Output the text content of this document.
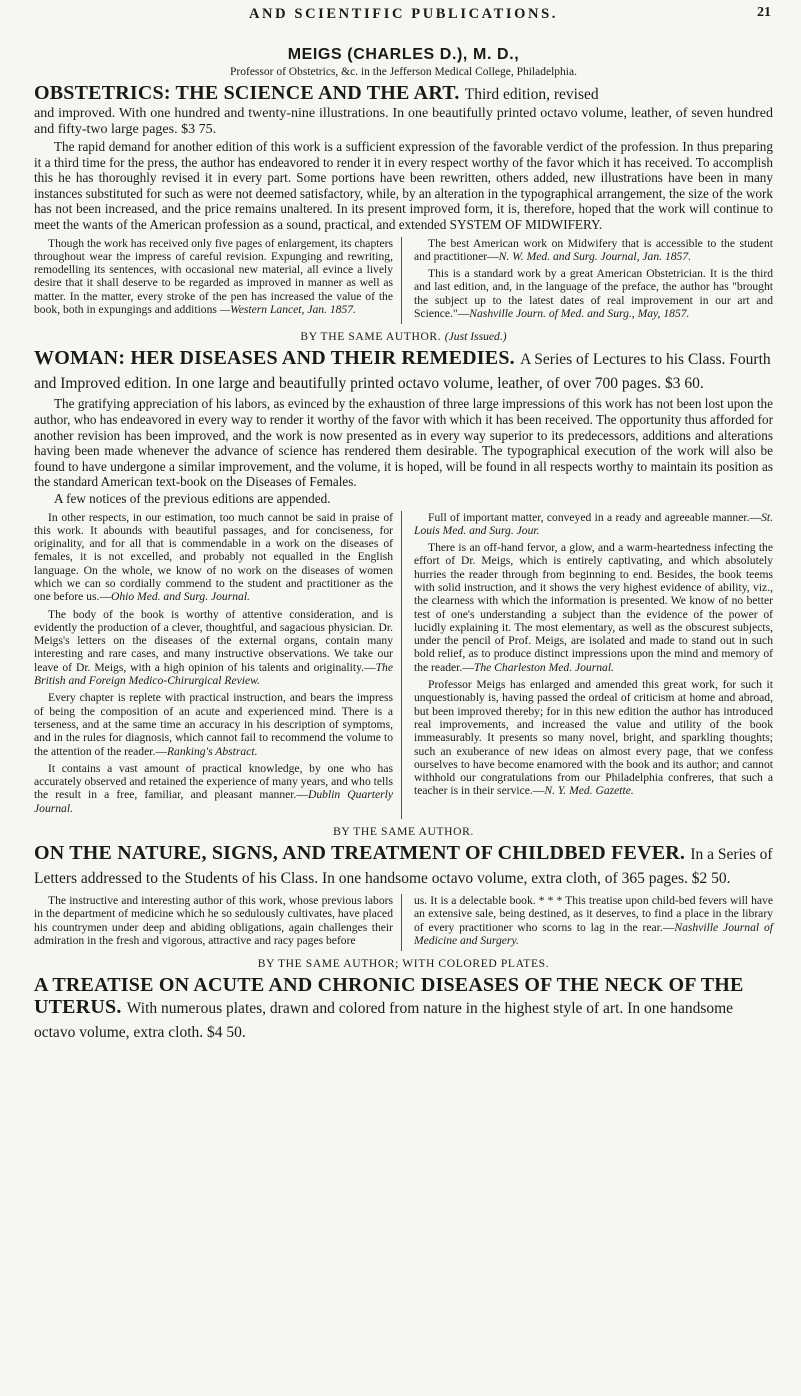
AND SCIENTIFIC PUBLICATIONS.	21
MEIGS (CHARLES D.), M. D.,
Professor of Obstetrics, &c. in the Jefferson Medical College, Philadelphia.
OBSTETRICS: THE SCIENCE AND THE ART. Third edition, revised
and improved. With one hundred and twenty-nine illustrations. In one beautifully printed octavo volume, leather, of seven hundred and fifty-two large pages. $3 75.

The rapid demand for another edition of this work is a sufficient expression of the favorable verdict of the profession. In thus preparing it a third time for the press, the author has endeavored to render it in every respect worthy of the favor which it has received. To accomplish this he has thoroughly revised it in every part. Some portions have been rewritten, others added, new illustrations have been in many instances substituted for such as were not deemed satisfactory, while, by an alteration in the typographical arrangement, the size of the work has not been increased, and the price remains unaltered. In its present improved form, it is, therefore, hoped that the work will continue to meet the wants of the American profession as a sound, practical, and extended SYSTEM OF MIDWIFERY.

Though the work has received only five pages of enlargement, its chapters throughout wear the impress of careful revision. Expunging and rewriting, remodelling its sentences, with occasional new material, all evince a lively desire that it shall deserve to be regarded as improved in manner as well as matter. In the matter, every stroke of the pen has increased the value of the book, both in expungings and additions —Western Lancet, Jan. 1857.

The best American work on Midwifery that is accessible to the student and practitioner—N. W. Med. and Surg. Journal, Jan. 1857.

This is a standard work by a great American Obstetrician. It is the third and last edition, and, in the language of the preface, the author has "brought the subject up to the latest dates of real improvement in our art and Science."—Nashville Journ. of Med. and Surg., May, 1857.

BY THE SAME AUTHOR. (Just Issued.)
WOMAN: HER DISEASES AND THEIR REMEDIES. A Series of Lectures to his Class. Fourth and Improved edition. In one large and beautifully printed octavo volume, leather, of over 700 pages. $3 60.

The gratifying appreciation of his labors, as evinced by the exhaustion of three large impressions of this work has not been lost upon the author, who has endeavored in every way to render it worthy of the favor with which it has been received. The opportunity thus afforded for another revision has been improved, and the work is now presented as in every way superior to its predecessors, additions and alterations having been made whenever the advance of science has rendered them desirable. The typographical execution of the work will also be found to have undergone a similar improvement, and the volume, it is hoped, will be found in all respects worthy to maintain its position as the standard American text-book on the Diseases of Females.

A few notices of the previous editions are appended.

In other respects, in our estimation, too much cannot be said in praise of this work. It abounds with beautiful passages, and for conciseness, for originality, and for all that is commendable in a work on the diseases of females, it is not excelled, and probably not equalled in the English language. On the whole, we know of no work on the diseases of women which we can so cordially commend to the student and practitioner as the one before us.—Ohio Med. and Surg. Journal.

The body of the book is worthy of attentive consideration, and is evidently the production of a clever, thoughtful, and sagacious physician. Dr. Meigs's letters on the diseases of the external organs, contain many interesting and rare cases, and many instructive observations. We take our leave of Dr. Meigs, with a high opinion of his talents and originality.—The British and Foreign Medico-Chirurgical Review.

Every chapter is replete with practical instruction, and bears the impress of being the composition of an acute and experienced mind. There is a terseness, and at the same time an accuracy in his description of symptoms, and in the rules for diagnosis, which cannot fail to recommend the volume to the attention of the reader.—Ranking's Abstract.

It contains a vast amount of practical knowledge, by one who has accurately observed and retained the experience of many years, and who tells the result in a free, familiar, and pleasant manner.—Dublin Quarterly Journal.

Full of important matter, conveyed in a ready and agreeable manner.—St. Louis Med. and Surg. Jour.

There is an off-hand fervor, a glow, and a warm-heartedness infecting the effort of Dr. Meigs, which is entirely captivating, and which absolutely hurries the reader through from beginning to end. Besides, the book teems with solid instruction, and it shows the very highest evidence of ability, viz., the clearness with which the information is presented. We know of no better test of one's understanding a subject than the evidence of the power of lucidly explaining it. The most elementary, as well as the obscurest subjects, under the pencil of Prof. Meigs, are isolated and made to stand out in such bold relief, as to produce distinct impressions upon the mind and memory of the reader.—The Charleston Med. Journal.

Professor Meigs has enlarged and amended this great work, for such it unquestionably is, having passed the ordeal of criticism at home and abroad, but been improved thereby; for in this new edition the author has introduced real improvements, and increased the value and utility of the book immeasurably. It presents so many novel, bright, and sparkling thoughts; such an exuberance of new ideas on almost every page, that we confess ourselves to have become enamored with the book and its author; and cannot withhold our congratulations from our Philadelphia confreres, that such a teacher is in their service.—N. Y. Med. Gazette.

BY THE SAME AUTHOR.
ON THE NATURE, SIGNS, AND TREATMENT OF CHILDBED FEVER. In a Series of Letters addressed to the Students of his Class. In one handsome octavo volume, extra cloth, of 365 pages. $2 50.

The instructive and interesting author of this work, whose previous labors in the department of medicine which he so sedulously cultivates, have placed his countrymen under deep and abiding obligations, again challenges their admiration in the fresh and vigorous, attractive and racy pages before

us. It is a delectable book. * * * This treatise upon child-bed fevers will have an extensive sale, being destined, as it deserves, to find a place in the library of every practitioner who scorns to lag in the rear.—Nashville Journal of Medicine and Surgery.

BY THE SAME AUTHOR; WITH COLORED PLATES.
A TREATISE ON ACUTE AND CHRONIC DISEASES OF THE NECK OF THE UTERUS. With numerous plates, drawn and colored from nature in the highest style of art. In one handsome octavo volume, extra cloth. $4 50.
